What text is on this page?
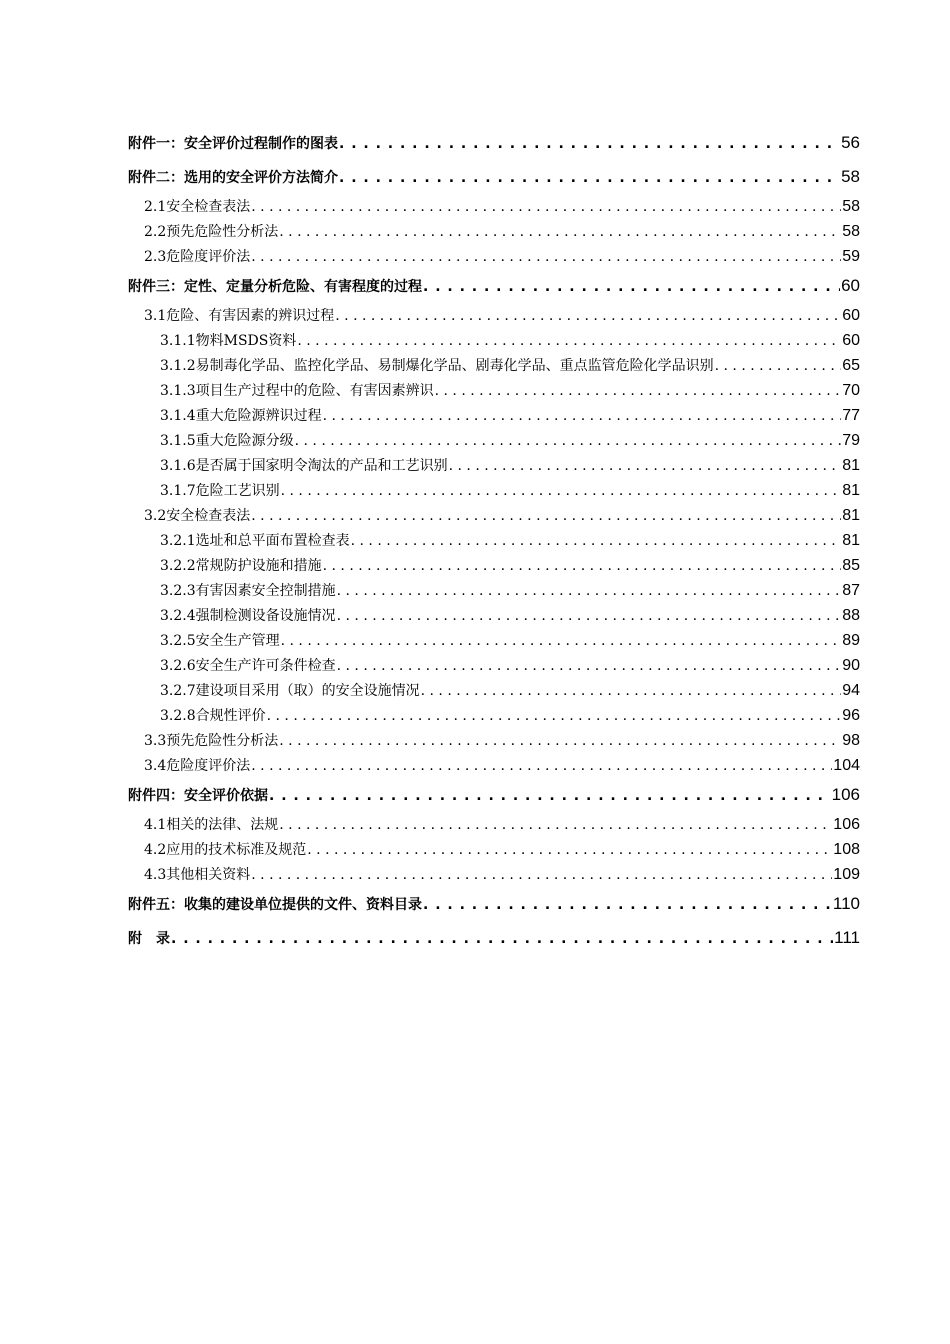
附件一：安全评价过程制作的图表 . . .	56
附件二：选用的安全评价方法简介 . . .	58
2.1安全检查表法 . . .	58
2.2预先危险性分析法 . . .	58
2.3危险度评价法 . . .	59
附件三：定性、定量分析危险、有害程度的过程 . . .	60
3.1危险、有害因素的辨识过程 . . .	60
3.1.1物料MSDS资料 . . .	60
3.1.2易制毒化学品、监控化学品、易制爆化学品、剧毒化学品、重点监管危险化学品识别 . . .	65
3.1.3项目生产过程中的危险、有害因素辨识 . . .	70
3.1.4重大危险源辨识过程 . . .	77
3.1.5重大危险源分级 . . .	79
3.1.6是否属于国家明令淘汰的产品和工艺识别 . . .	81
3.1.7危险工艺识别 . . .	81
3.2安全检查表法 . . .	81
3.2.1选址和总平面布置检查表 . . .	81
3.2.2常规防护设施和措施 . . .	85
3.2.3有害因素安全控制措施 . . .	87
3.2.4强制检测设备设施情况 . . .	88
3.2.5安全生产管理 . . .	89
3.2.6安全生产许可条件检查 . . .	90
3.2.7建设项目采用（取）的安全设施情况 . . .	94
3.2.8合规性评价 . . .	96
3.3预先危险性分析法 . . .	98
3.4危险度评价法 . . .	104
附件四：安全评价依据 . . .	106
4.1相关的法律、法规 . . .	106
4.2应用的技术标准及规范 . . .	108
4.3其他相关资料 . . .	109
附件五：收集的建设单位提供的文件、资料目录 . . .	110
附　录 . . .	111
